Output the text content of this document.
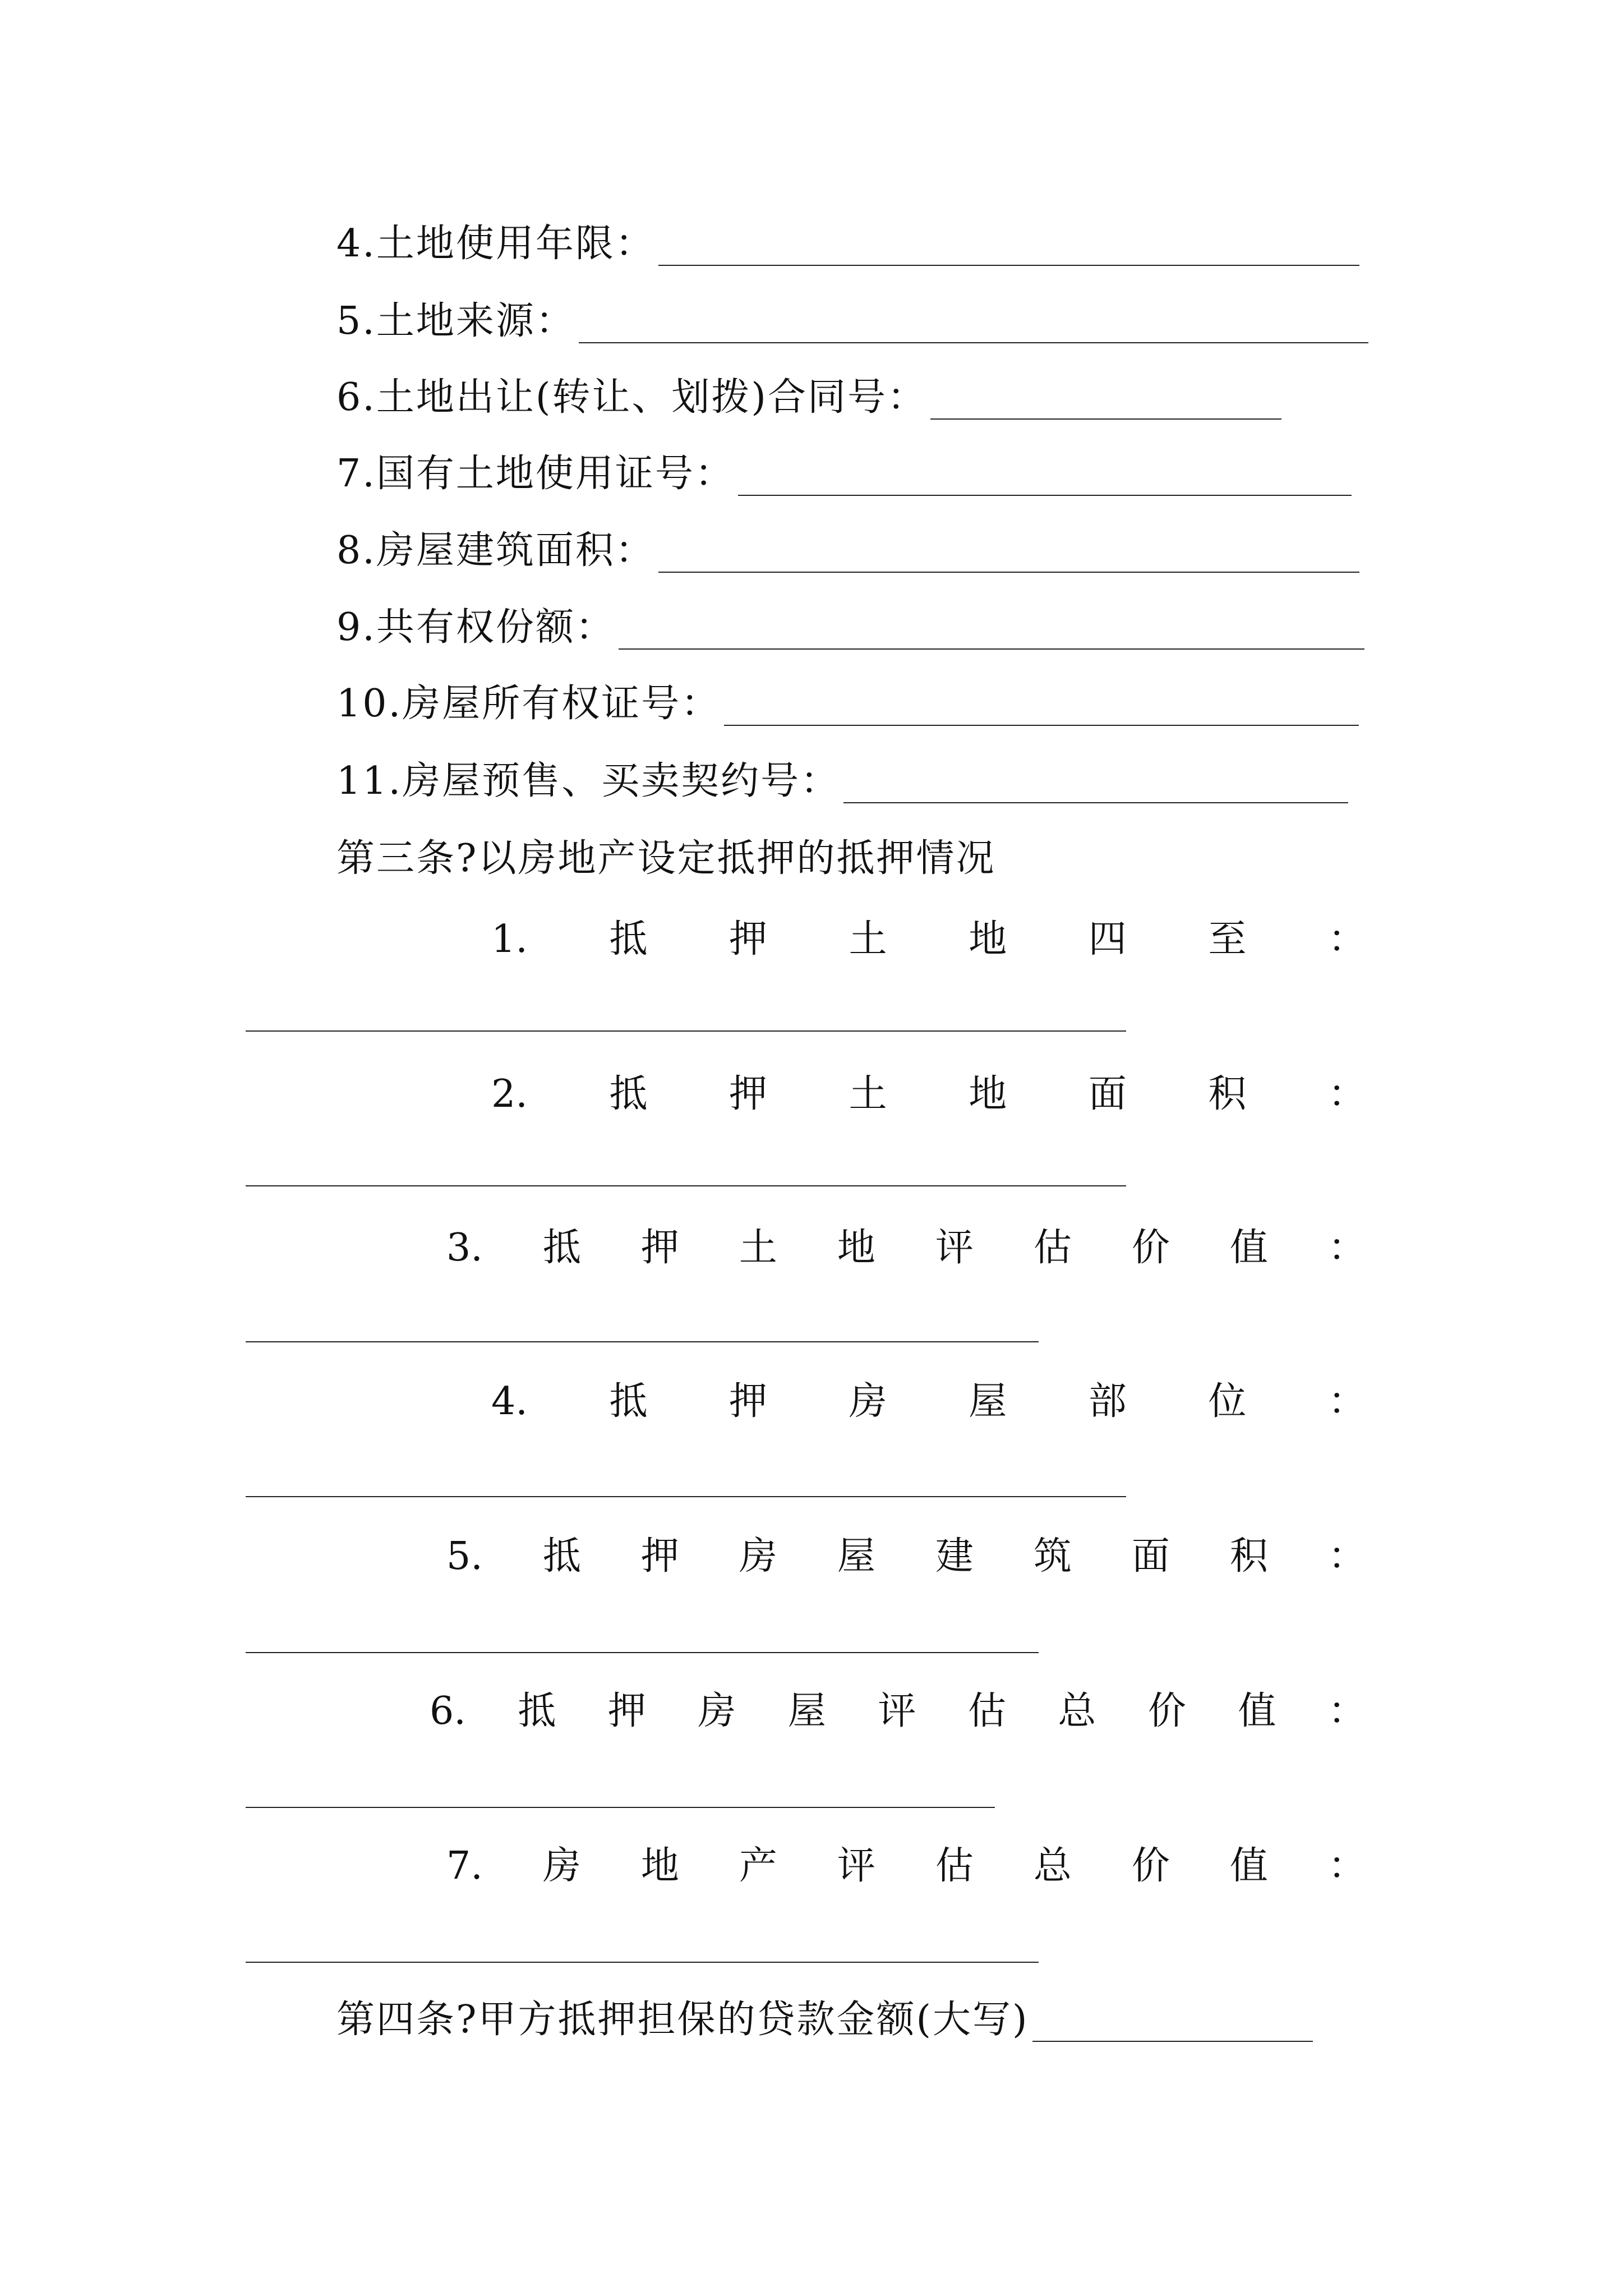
4.土地使用年限：
5.土地来源：
6.土地出让(转让、划拨)合同号：
7.国有土地使用证号：
8.房屋建筑面积：
9.共有权份额：
10.房屋所有权证号：
11.房屋预售、买卖契约号：
第三条?以房地产设定抵押的抵押情况
1. 抵 押 土 地 四 至 ：
2. 抵 押 土 地 面 积 ：
3. 抵 押 土 地 评 估 价 值 ：
4. 抵 押 房 屋 部 位 ：
5. 抵 押 房 屋 建 筑 面 积 ：
6. 抵 押 房 屋 评 估 总 价 值 ：
7. 房 地 产 评 估 总 价 值 ：
第四条?甲方抵押担保的贷款金额(大写)
